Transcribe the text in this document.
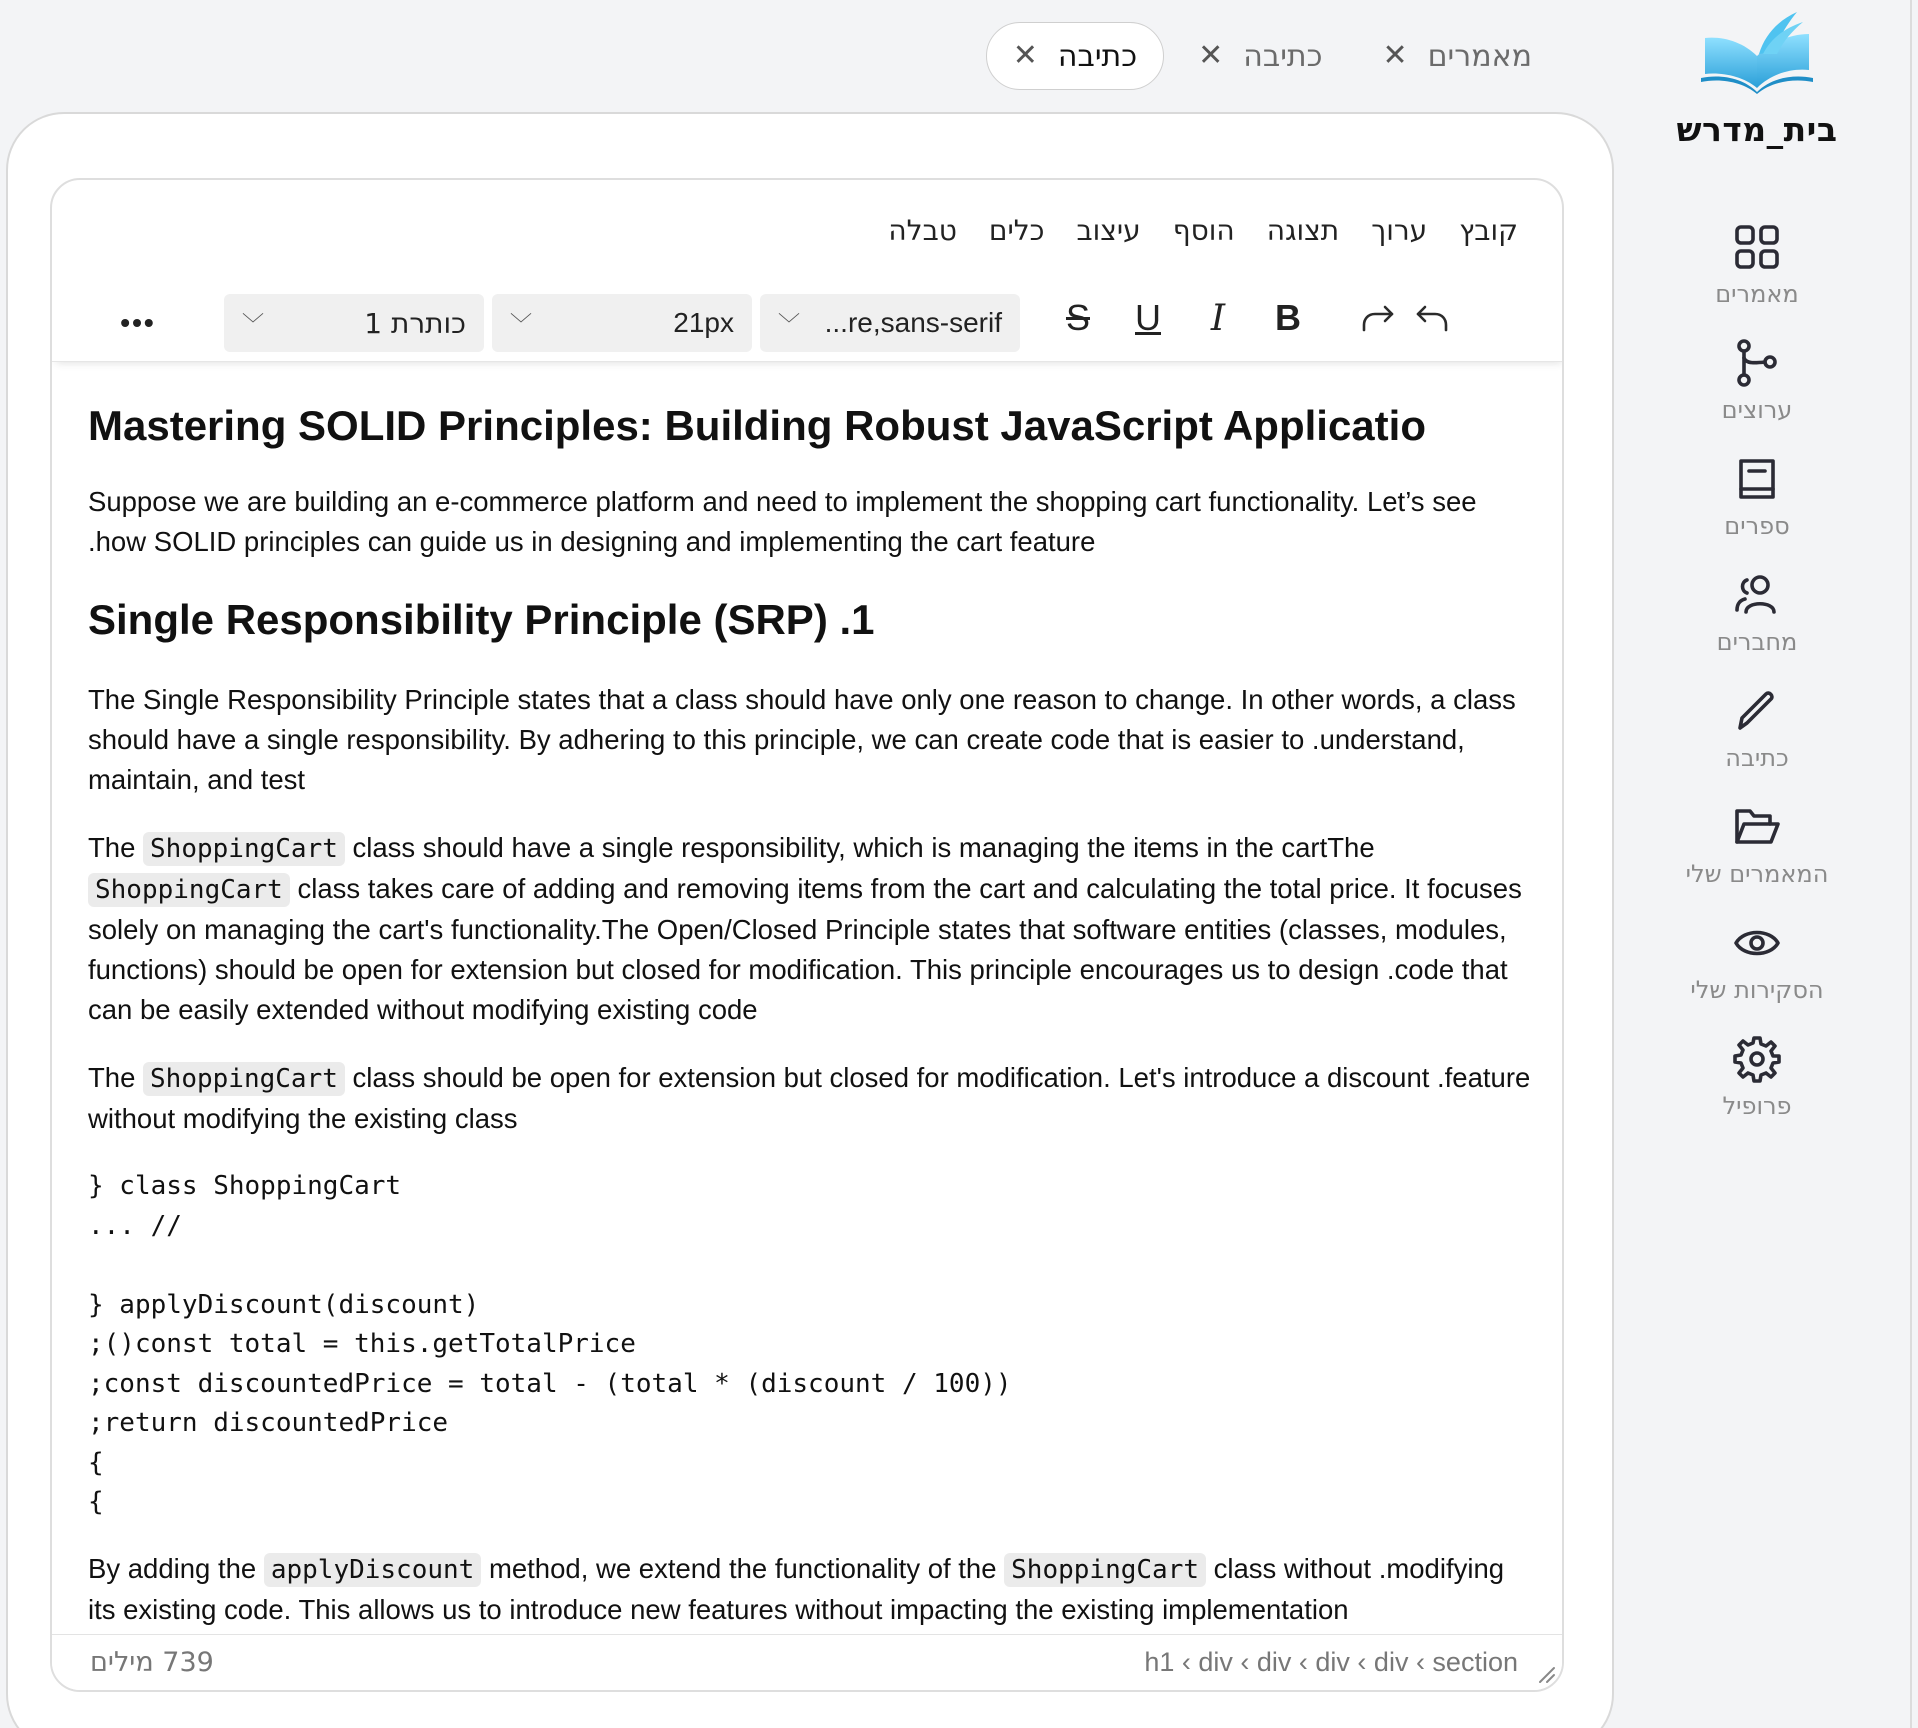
בית_מדרש
מאמרים
ערוצים
ספרים
מחברים
כתיבה
המאמרים שלי
הסקירות שלי
פרופיל
מאמרים
✕
כתיבה
✕
כתיבה
✕
קובץ
ערוך
תצוגה
הוסף
עיצוב
כלים
טבלה
B
I
U
S
﹀ ...re,sans-serif
﹀	21px
﹀	כותרת 1
•••
Mastering SOLID Principles: Building Robust JavaScript Applicatio

Suppose we are building an e-commerce platform and need to implement the shopping cart functionality. Let’s see .how SOLID principles can guide us in designing and implementing the cart feature

Single Responsibility Principle (SRP) .1

The Single Responsibility Principle states that a class should have only one reason to change. In other words, a class should have a single responsibility. By adhering to this principle, we can create code that is easier to .understand, maintain, and test

The ShoppingCart class should have a single responsibility, which is managing the items in the cartThe ShoppingCart class takes care of adding and removing items from the cart and calculating the total price. It focuses solely on managing the cart's functionality.The Open/Closed Principle states that software entities (classes, modules, functions) should be open for extension but closed for modification. This principle encourages us to design .code that can be easily extended without modifying existing code

The ShoppingCart class should be open for extension but closed for modification. Let's introduce a discount .feature without modifying the existing class

} class ShoppingCart
... //

} applyDiscount(discount)
;()const total = this.getTotalPrice
;const discountedPrice = total - (total * (discount / 100))
;return discountedPrice
{
{

By adding the applyDiscount method, we extend the functionality of the ShoppingCart class without .modifying its existing code. This allows us to introduce new features without impacting the existing implementation

739 מילים	h1 ‹ div ‹ div ‹ div ‹ div ‹ section
